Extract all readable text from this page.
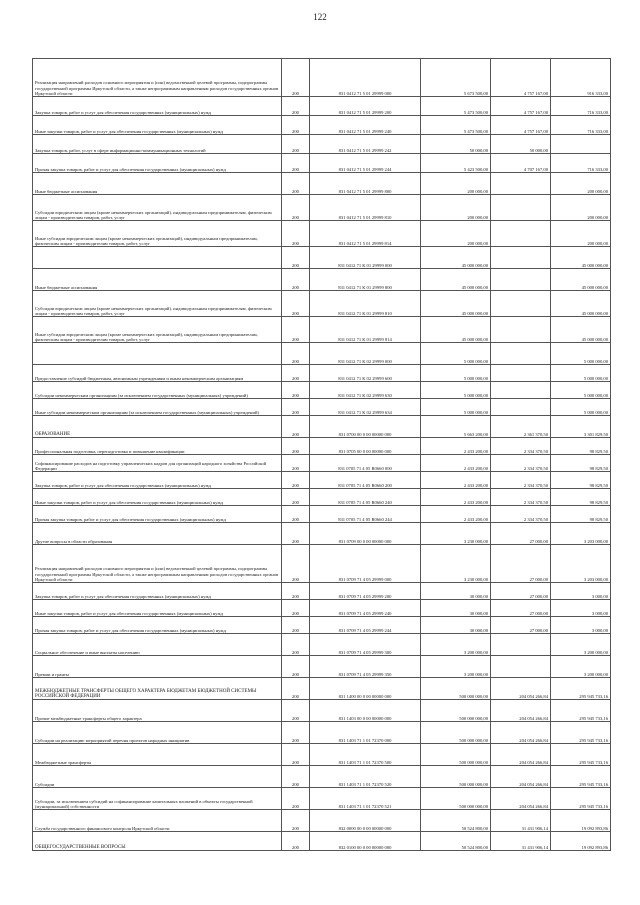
122
Реализация направлений расходов основного мероприятия и (или) ведомственной целевой программы, подпрограммы государственной программы Иркутской области, а также непрограммным направлениям расходов государственных органов Иркутской области	200	831 0412 71 5 01 29999 000	5 673 500,00	4 757 167,00	916 333,00
Закупка товаров, работ и услуг для обеспечения государственных (муниципальных) нужд	200	831 0412 71 5 01 29999 200	5 473 500,00	4 757 167,00	716 333,00
Иные закупки товаров, работ и услуг для обеспечения государственных (муниципальных) нужд	200	831 0412 71 5 01 29999 240	5 473 500,00	4 757 167,00	716 333,00
Закупка товаров, работ, услуг в сфере информационно-коммуникационных технологий	200	831 0412 71 5 01 29999 242	50 000,00	50 000,00	
Прочая закупка товаров, работ и услуг для обеспечения государственных (муниципальных) нужд	200	831 0412 71 5 01 29999 244	5 423 500,00	4 707 167,00	716 333,00
Иные бюджетные ассигнования	200	831 0412 71 5 01 29999 800	200 000,00		200 000,00
Субсидии юридическим лицам (кроме некоммерческих организаций), индивидуальным предпринимателям, физическим лицам - производителям товаров, работ, услуг	200	831 0412 71 5 01 29999 810	200 000,00		200 000,00
Иные субсидии юридическим лицам (кроме некоммерческих организаций), индивидуальным предпринимателям, физическим лицам - производителям товаров, работ, услуг	200	831 0412 71 5 01 29999 814	200 000,00		200 000,00
	200	831 0412 71 К 01 29999 000	45 000 000,00		45 000 000,00
Иные бюджетные ассигнования	200	831 0412 71 К 01 29999 800	45 000 000,00		45 000 000,00
Субсидии юридическим лицам (кроме некоммерческих организаций), индивидуальным предпринимателям, физическим лицам - производителям товаров, работ, услуг	200	831 0412 71 К 01 29999 810	45 000 000,00		45 000 000,00
Иные субсидии юридическим лицам (кроме некоммерческих организаций), индивидуальным предпринимателям, физическим лицам - производителям товаров, работ, услуг	200	831 0412 71 К 01 29999 814	45 000 000,00		45 000 000,00
	200	831 0412 71 К 02 29999 000	5 000 000,00		5 000 000,00
Предоставление субсидий бюджетным, автономным учреждениям и иным некоммерческим организациям	200	831 0412 71 К 02 29999 600	5 000 000,00		5 000 000,00
Субсидии некоммерческим организациям (за исключением государственных (муниципальных) учреждений)	200	831 0412 71 К 02 29999 630	5 000 000,00		5 000 000,00
Иные субсидии некоммерческим организациям (за исключением государственных (муниципальных) учреждений)	200	831 0412 71 К 02 29999 634	5 000 000,00		5 000 000,00
ОБРАЗОВАНИЕ	200	831 0700 00 0 00 00000 000	5 663 200,00	2 361 370,50	3 301 829,50
Профессиональная подготовка, переподготовка и повышение квалификации	200	831 0705 00 0 00 00000 000	2 433 200,00	2 334 370,50	98 829,50
Софинансирование расходов на подготовку управленческих кадров для организаций народного хозяйства Российской Федерации	200	831 0705 71 4 05 R0660 000	2 433 200,00	2 334 370,50	98 829,50
Закупка товаров, работ и услуг для обеспечения государственных (муниципальных) нужд	200	831 0705 71 4 05 R0660 200	2 433 200,00	2 334 370,50	98 829,50
Иные закупки товаров, работ и услуг для обеспечения государственных (муниципальных) нужд	200	831 0705 71 4 05 R0660 240	2 433 200,00	2 334 370,50	98 829,50
Прочая закупка товаров, работ и услуг для обеспечения государственных (муниципальных) нужд	200	831 0705 71 4 05 R0660 244	2 433 200,00	2 334 370,50	98 829,50
Другие вопросы в области образования	200	831 0709 00 0 00 00000 000	3 230 000,00	27 000,00	3 203 000,00
Реализация направлений расходов основного мероприятия и (или) ведомственной целевой программы, подпрограммы государственной программы Иркутской области, а также непрограммным направлениям расходов государственных органов Иркутской области	200	831 0709 71 4 05 29999 000	3 230 000,00	27 000,00	3 203 000,00
Закупка товаров, работ и услуг для обеспечения государственных (муниципальных) нужд	200	831 0709 71 4 05 29999 200	30 000,00	27 000,00	3 000,00
Иные закупки товаров, работ и услуг для обеспечения государственных (муниципальных) нужд	200	831 0709 71 4 05 29999 240	30 000,00	27 000,00	3 000,00
Прочая закупка товаров, работ и услуг для обеспечения государственных (муниципальных) нужд	200	831 0709 71 4 05 29999 244	30 000,00	27 000,00	3 000,00
Социальное обеспечение и иные выплаты населению	200	831 0709 71 4 05 29999 300	3 200 000,00		3 200 000,00
Премии и гранты	200	831 0709 71 4 05 29999 350	3 200 000,00		3 200 000,00
МЕЖБЮДЖЕТНЫЕ ТРАНСФЕРТЫ ОБЩЕГО ХАРАКТЕРА БЮДЖЕТАМ БЮДЖЕТНОЙ СИСТЕМЫ РОССИЙСКОЙ ФЕДЕРАЦИИ	200	831 1400 00 0 00 00000 000	500 000 000,00	204 054 266,84	295 945 733,16
Прочие межбюджетные трансферты общего характера	200	831 1403 00 0 00 00000 000	500 000 000,00	204 054 266,84	295 945 733,16
Субсидии на реализацию мероприятий перечня проектов народных инициатив	200	831 1403 71 1 01 72370 000	500 000 000,00	204 054 266,84	295 945 733,16
Межбюджетные трансферты	200	831 1403 71 1 01 72370 500	500 000 000,00	204 054 266,84	295 945 733,16
Субсидии	200	831 1403 71 1 01 72370 520	500 000 000,00	204 054 266,84	295 945 733,16
Субсидии, за исключением субсидий на софинансирование капитальных вложений в объекты государственной (муниципальной) собственности	200	831 1403 71 1 01 72370 521	500 000 000,00	204 054 266,84	295 945 733,16
Служба государственного финансового контроля Иркутской области	200	832 0000 00 0 00 00000 000	50 524 800,00	31 431 906,14	19 092 893,86
ОБЩЕГОСУДАРСТВЕННЫЕ ВОПРОСЫ	200	832 0100 00 0 00 00000 000	50 524 800,00	31 431 906,14	19 092 893,86
